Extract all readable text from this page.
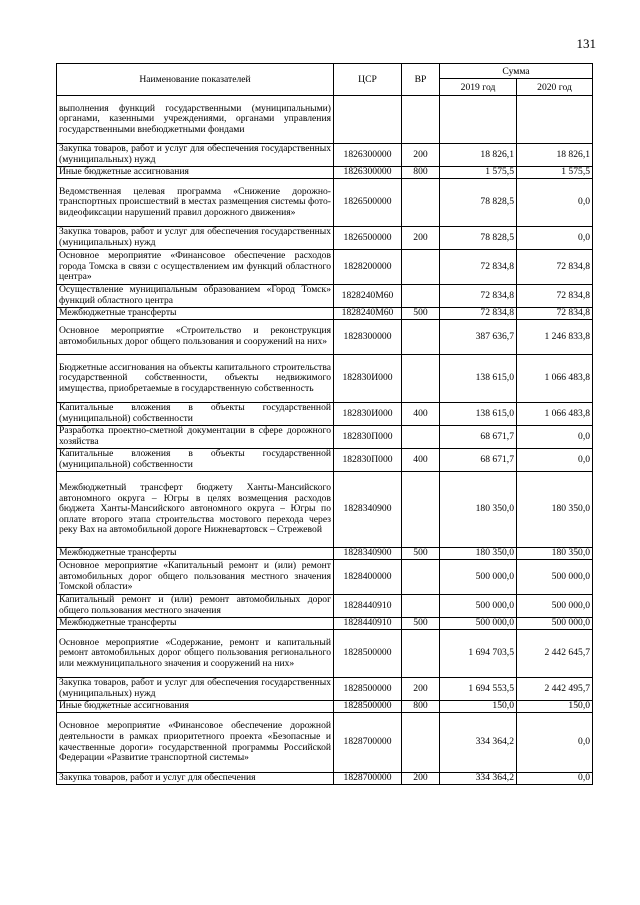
131
Наименование показателей	ЦСР	ВР	Сумма	
			2019 год	2020 год
выполнения функций государственными (муниципальными) органами, казенными учреждениями, органами управления государственными внебюджетными фондами				
Закупка товаров, работ и услуг для обеспечения государственных (муниципальных) нужд	1826300000	200	18 826,1	18 826,1
Иные бюджетные ассигнования	1826300000	800	1 575,5	1 575,5
Ведомственная целевая программа «Снижение дорожно-транспортных происшествий в местах размещения системы фото-видеофиксации нарушений правил дорожного движения»	1826500000		78 828,5	0,0
Закупка товаров, работ и услуг для обеспечения государственных (муниципальных) нужд	1826500000	200	78 828,5	0,0
Основное мероприятие «Финансовое обеспечение расходов города Томска в связи с осуществлением им функций областного центра»	1828200000		72 834,8	72 834,8
Осуществление муниципальным образованием «Город Томск» функций областного центра	1828240М60		72 834,8	72 834,8
Межбюджетные трансферты	1828240М60	500	72 834,8	72 834,8
Основное мероприятие «Строительство и реконструкция автомобильных дорог общего пользования и сооружений на них»	1828300000		387 636,7	1 246 833,8
Бюджетные ассигнования на объекты капитального строительства государственной собственности, объекты недвижимого имущества, приобретаемые в государственную собственность	182830И000		138 615,0	1 066 483,8
Капитальные вложения в объекты государственной (муниципальной) собственности	182830И000	400	138 615,0	1 066 483,8
Разработка проектно-сметной документации в сфере дорожного хозяйства	182830П000		68 671,7	0,0
Капитальные вложения в объекты государственной (муниципальной) собственности	182830П000	400	68 671,7	0,0
Межбюджетный трансферт бюджету Ханты-Мансийского автономного округа – Югры в целях возмещения расходов бюджета Ханты-Мансийского автономного округа – Югры по оплате второго этапа строительства мостового перехода через реку Вах на автомобильной дороге Нижневартовск – Стрежевой	1828340900		180 350,0	180 350,0
Межбюджетные трансферты	1828340900	500	180 350,0	180 350,0
Основное мероприятие «Капитальный ремонт и (или) ремонт автомобильных дорог общего пользования местного значения Томской области»	1828400000		500 000,0	500 000,0
Капитальный ремонт и (или) ремонт автомобильных дорог общего пользования местного значения	1828440910		500 000,0	500 000,0
Межбюджетные трансферты	1828440910	500	500 000,0	500 000,0
Основное мероприятие «Содержание, ремонт и капитальный ремонт автомобильных дорог общего пользования регионального или межмуниципального значения и сооружений на них»	1828500000		1 694 703,5	2 442 645,7
Закупка товаров, работ и услуг для обеспечения государственных (муниципальных) нужд	1828500000	200	1 694 553,5	2 442 495,7
Иные бюджетные ассигнования	1828500000	800	150,0	150,0
Основное мероприятие «Финансовое обеспечение дорожной деятельности в рамках приоритетного проекта «Безопасные и качественные дороги» государственной программы Российской Федерации «Развитие транспортной системы»	1828700000		334 364,2	0,0
Закупка товаров, работ и услуг для обеспечения	1828700000	200	334 364,2	0,0
